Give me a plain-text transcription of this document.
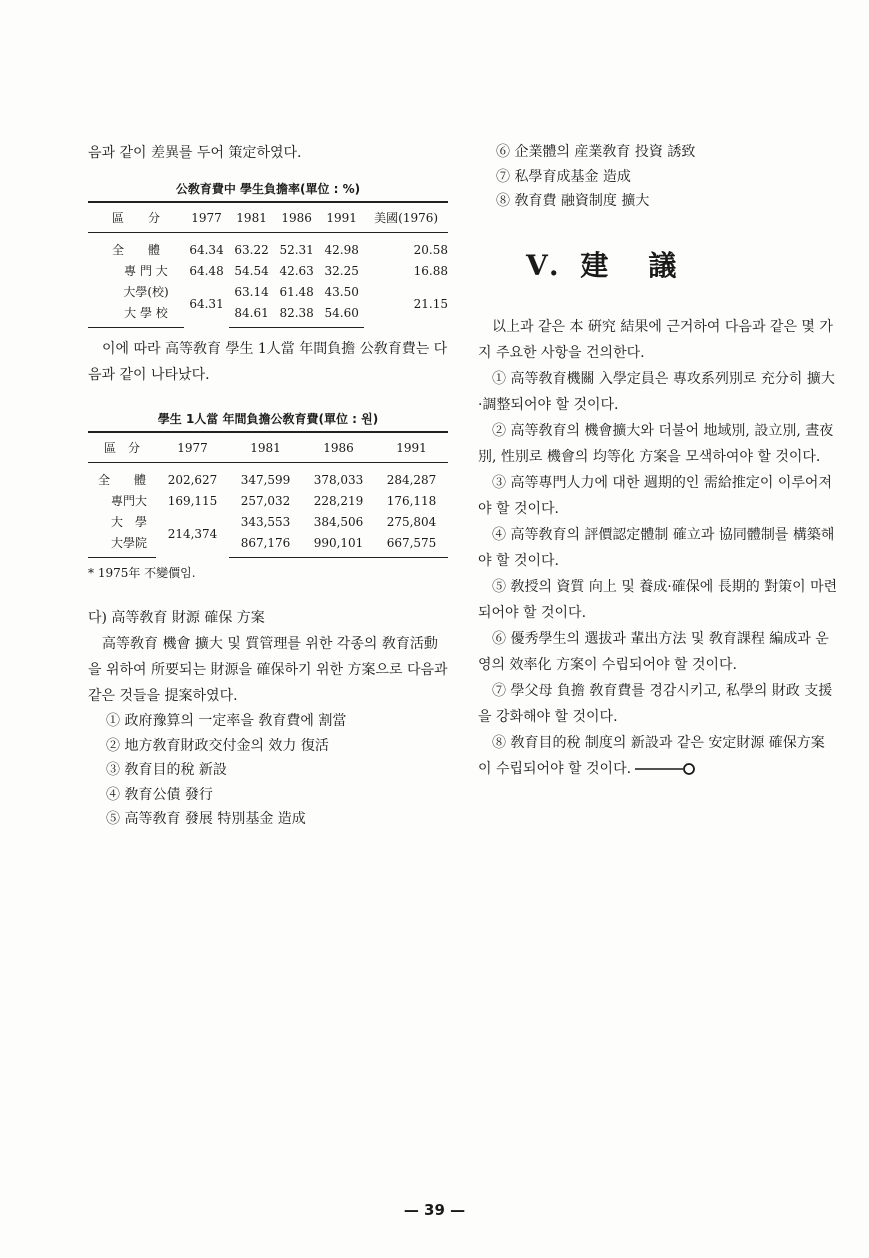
음과 같이 差異를 두어 策定하였다.

公敎育費中 學生負擔率(單位 : %)
區　　分	1977	1981	1986	1991	美國(1976)
全　　體	64.34	63.22	52.31	42.98	20.58
專 門 大	64.48	54.54	42.63	32.25	16.88
大學(校)	64.31	63.14	61.48	43.50	21.15
大 學 校		84.61	82.38	54.60	

이에 따라 高等敎育 學生 1人當 年間負擔 公敎育費는 다음과 같이 나타났다.

學生 1人當 年間負擔公敎育費(單位 : 원)
區　分	1977	1981	1986	1991
全　　體	202,627	347,599	378,033	284,287
專門大	169,115	257,032	228,219	176,118
大　學	214,374	343,553	384,506	275,804
大學院		867,176	990,101	667,575
* 1975年 不變價임.

다) 高等敎育 財源 確保 方案

高等敎育 機會 擴大 및 質管理를 위한 각종의 敎育活動을 위하여 所要되는 財源을 確保하기 위한 方案으로 다음과 같은 것들을 提案하였다.

① 政府豫算의 一定率을 敎育費에 割當
② 地方敎育財政交付金의 效力 復活
③ 敎育目的稅 新設
④ 敎育公債 發行
⑤ 高等敎育 發展 特別基金 造成
⑥ 企業體의 産業敎育 投資 誘致
⑦ 私學育成基金 造成
⑧ 敎育費 融資制度 擴大
V. 建　議

以上과 같은 本 硏究 結果에 근거하여 다음과 같은 몇 가지 주요한 사항을 건의한다.

① 高等敎育機關 入學定員은 專攻系列別로 充分히 擴大·調整되어야 할 것이다.

② 高等敎育의 機會擴大와 더불어 地域別, 設立別, 晝夜別, 性別로 機會의 均等化 方案을 모색하여야 할 것이다.

③ 高等專門人力에 대한 週期的인 需給推定이 이루어져야 할 것이다.

④ 高等敎育의 評價認定體制 確立과 協同體制를 構築해야 할 것이다.

⑤ 敎授의 資質 向上 및 養成·確保에 長期的 對策이 마련되어야 할 것이다.

⑥ 優秀學生의 選拔과 輩出方法 및 敎育課程 編成과 운영의 效率化 方案이 수립되어야 할 것이다.

⑦ 學父母 負擔 敎育費를 경감시키고, 私學의 財政 支援을 강화해야 할 것이다.

⑧ 敎育目的稅 制度의 新設과 같은 安定財源 確保方案이 수립되어야 할 것이다.

— 39 —
